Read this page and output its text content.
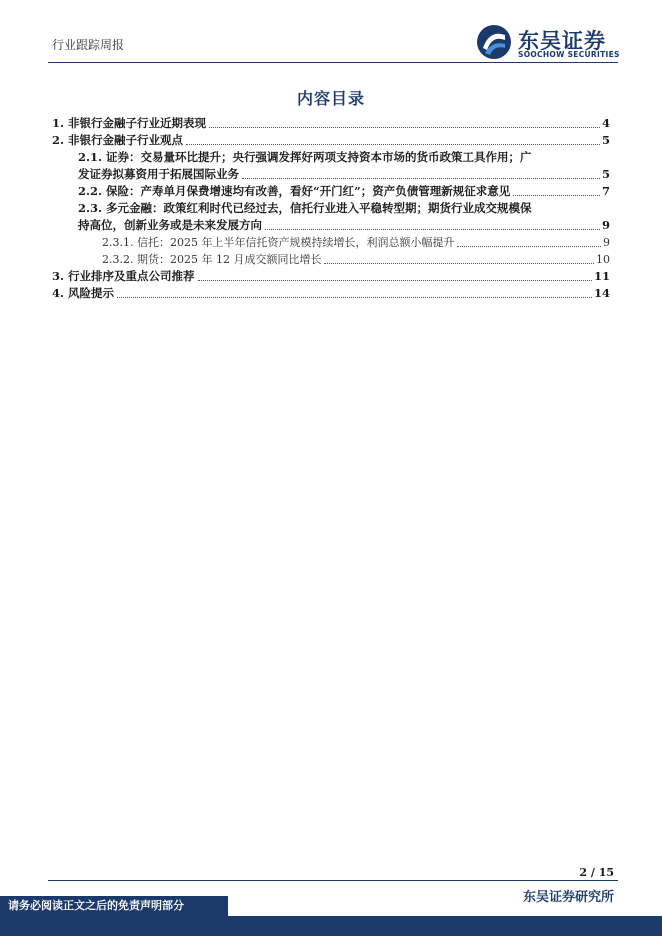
行业跟踪周报	东吴证券
SOOCHOW SECURITIES
内容目录
1. 非银行金融子行业近期表现	4
2. 非银行金融子行业观点	5
2.1. 证券：交易量环比提升；央行强调发挥好两项支持资本市场的货币政策工具作用；广
发证券拟募资用于拓展国际业务	5
2.2. 保险：产寿单月保费增速均有改善，看好“开门红”；资产负债管理新规征求意见	7
2.3. 多元金融：政策红利时代已经过去，信托行业进入平稳转型期；期货行业成交规模保
持高位，创新业务或是未来发展方向	9
2.3.1. 信托：2025 年上半年信托资产规模持续增长，利润总额小幅提升	9
2.3.2. 期货：2025 年 12 月成交额同比增长	10
3. 行业排序及重点公司推荐	11
4. 风险提示	14
2 / 15
请务必阅读正文之后的免责声明部分
东吴证券研究所
